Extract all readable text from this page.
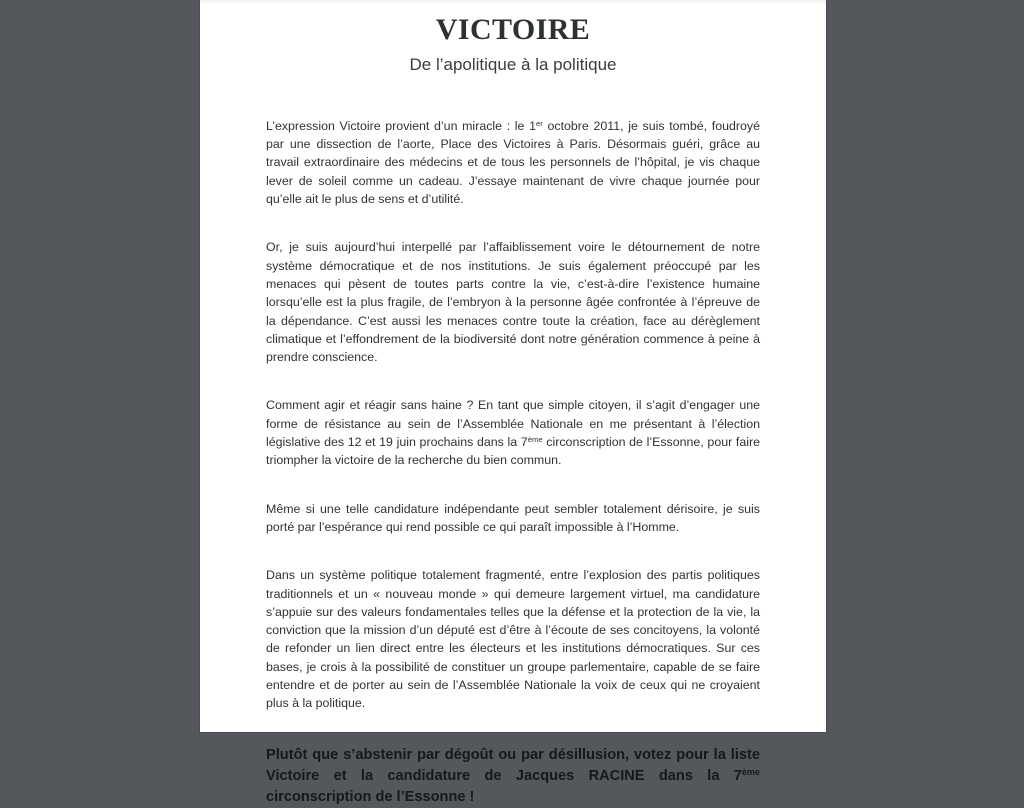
VICTOIRE

De l’apolitique à la politique

L’expression Victoire provient d’un miracle : le 1er octobre 2011, je suis tombé, foudroyé par une dissection de l’aorte, Place des Victoires à Paris. Désormais guéri, grâce au travail extraordinaire des médecins et de tous les personnels de l’hôpital, je vis chaque lever de soleil comme un cadeau. J’essaye maintenant de vivre chaque journée pour qu’elle ait le plus de sens et d’utilité.

Or, je suis aujourd’hui interpellé par l’affaiblissement voire le détournement de notre système démocratique et de nos institutions. Je suis également préoccupé par les menaces qui pèsent de toutes parts contre la vie, c’est-à-dire l’existence humaine lorsqu’elle est la plus fragile, de l’embryon à la personne âgée confrontée à l’épreuve de la dépendance. C’est aussi les menaces contre toute la création, face au dérèglement climatique et l’effondrement de la biodiversité dont notre génération commence à peine à prendre conscience.

Comment agir et réagir sans haine ? En tant que simple citoyen, il s’agit d’engager une forme de résistance au sein de l’Assemblée Nationale en me présentant à l’élection législative des 12 et 19 juin prochains dans la 7ème circonscription de l’Essonne, pour faire triompher la victoire de la recherche du bien commun.

Même si une telle candidature indépendante peut sembler totalement dérisoire, je suis porté par l’espérance qui rend possible ce qui paraît impossible à l’Homme.

Dans un système politique totalement fragmenté, entre l’explosion des partis politiques traditionnels et un « nouveau monde » qui demeure largement virtuel, ma candidature s’appuie sur des valeurs fondamentales telles que la défense et la protection de la vie, la conviction que la mission d’un député est d’être à l’écoute de ses concitoyens, la volonté de refonder un lien direct entre les électeurs et les institutions démocratiques. Sur ces bases, je crois à la possibilité de constituer un groupe parlementaire, capable de se faire entendre et de porter au sein de l’Assemblée Nationale la voix de ceux qui ne croyaient plus à la politique.

Plutôt que s’abstenir par dégoût ou par désillusion, votez pour la liste Victoire et la candidature de Jacques RACINE dans la 7ème circonscription de l’Essonne !
